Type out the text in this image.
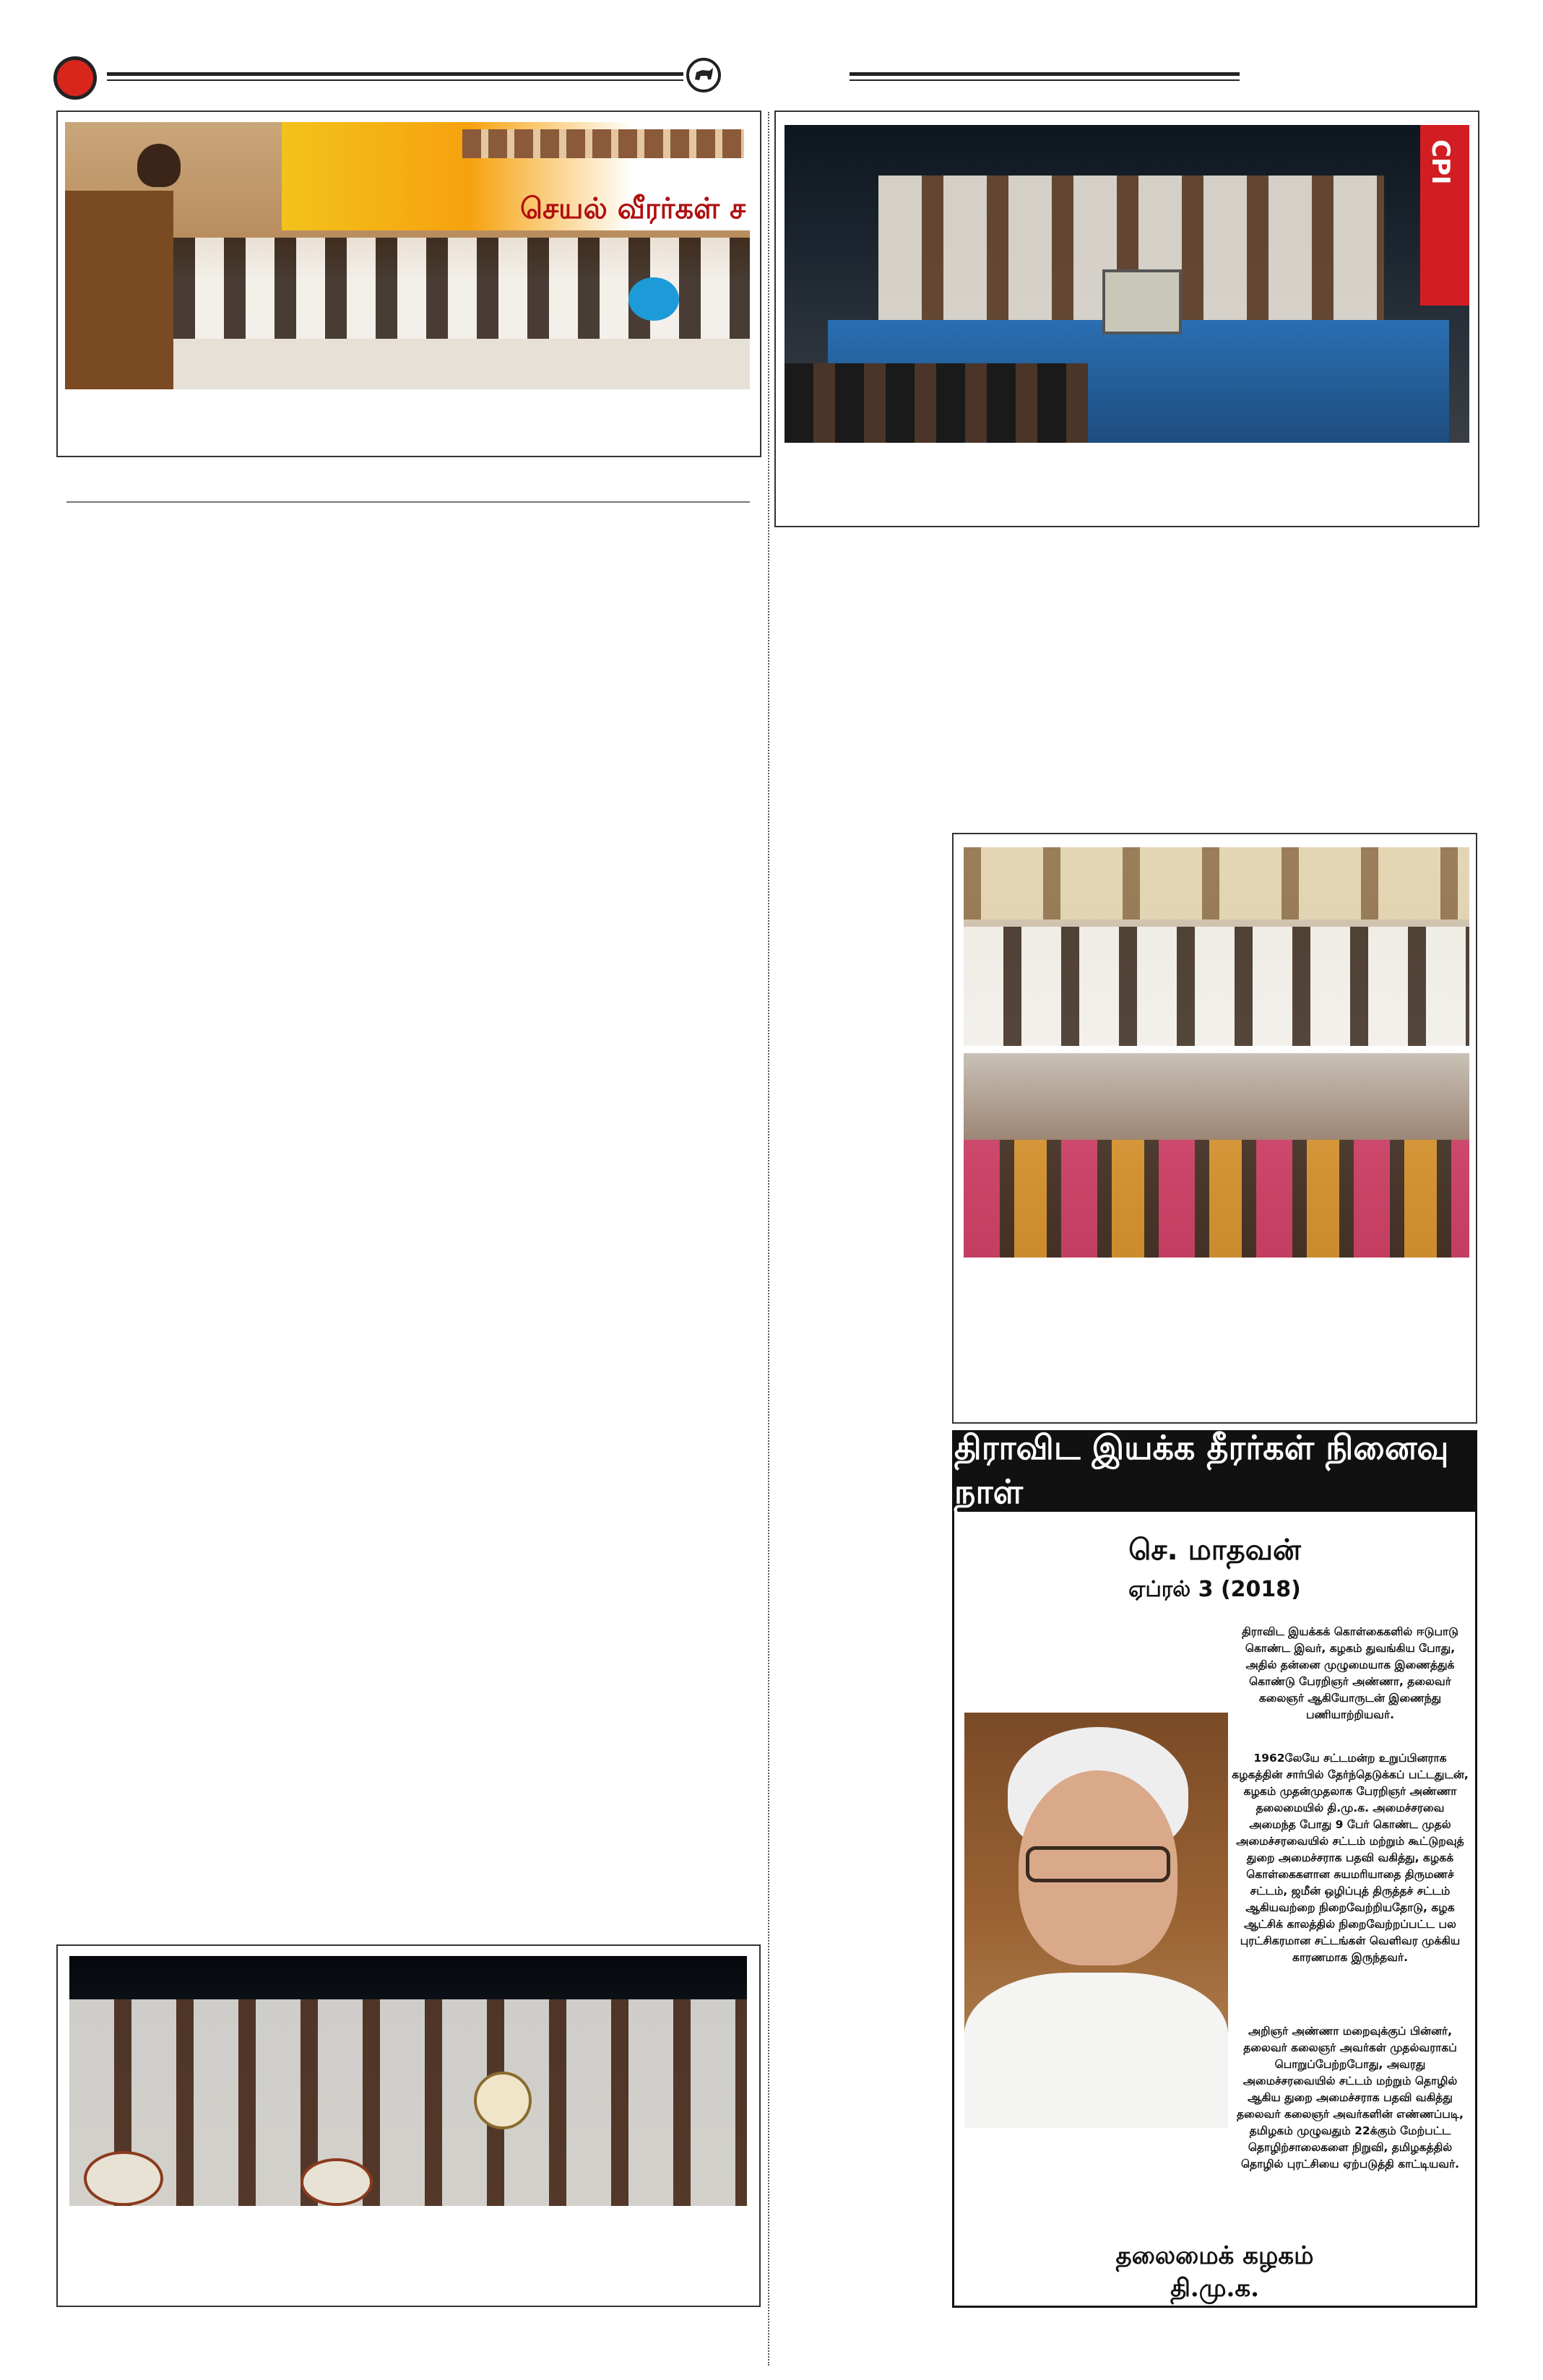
செயல் வீரர்கள் ச
CPI
திராவிட இயக்க தீரர்கள் நினைவு நாள்
செ. மாதவன்
ஏப்ரல் 3 (2018)

திராவிட இயக்கக் கொள்கைகளில் ஈடுபாடு கொண்ட இவர், கழகம் துவங்கிய போது, அதில் தன்னை முழுமையாக இணைத்துக் கொண்டு பேரறிஞர் அண்ணா, தலைவர் கலைஞர் ஆகியோருடன் இணைந்து பணியாற்றியவர்.

1962லேயே சட்டமன்ற உறுப்பினராக கழகத்தின் சார்பில் தேர்ந்தெடுக்கப் பட்டதுடன், கழகம் முதன்முதலாக பேரறிஞர் அண்ணா தலைமையில் தி.மு.க. அமைச்சரவை அமைந்த போது 9 பேர் கொண்ட முதல் அமைச்சரவையில் சட்டம் மற்றும் கூட்டுறவுத் துறை அமைச்சராக பதவி வகித்து, கழகக் கொள்கைகளான சுயமரியாதை திருமணச் சட்டம், ஜமீன் ஒழிப்புத் திருத்தச் சட்டம் ஆகியவற்றை நிறைவேற்றியதோடு, கழக ஆட்சிக் காலத்தில் நிறைவேற்றப்பட்ட பல புரட்சிகரமான சட்டங்கள் வெளிவர முக்கிய காரணமாக இருந்தவர்.

அறிஞர் அண்ணா மறைவுக்குப் பின்னர், தலைவர் கலைஞர் அவர்கள் முதல்வராகப் பொறுப்பேற்றபோது, அவரது அமைச்சரவையில் சட்டம் மற்றும் தொழில் ஆகிய துறை அமைச்சராக பதவி வகித்து தலைவர் கலைஞர் அவர்களின் எண்ணப்படி, தமிழகம் முழுவதும் 22க்கும் மேற்பட்ட தொழிற்சாலைகளை நிறுவி, தமிழகத்தில் தொழில் புரட்சியை ஏற்படுத்தி காட்டியவர்.

தலைமைக் கழகம்
தி.மு.க.
